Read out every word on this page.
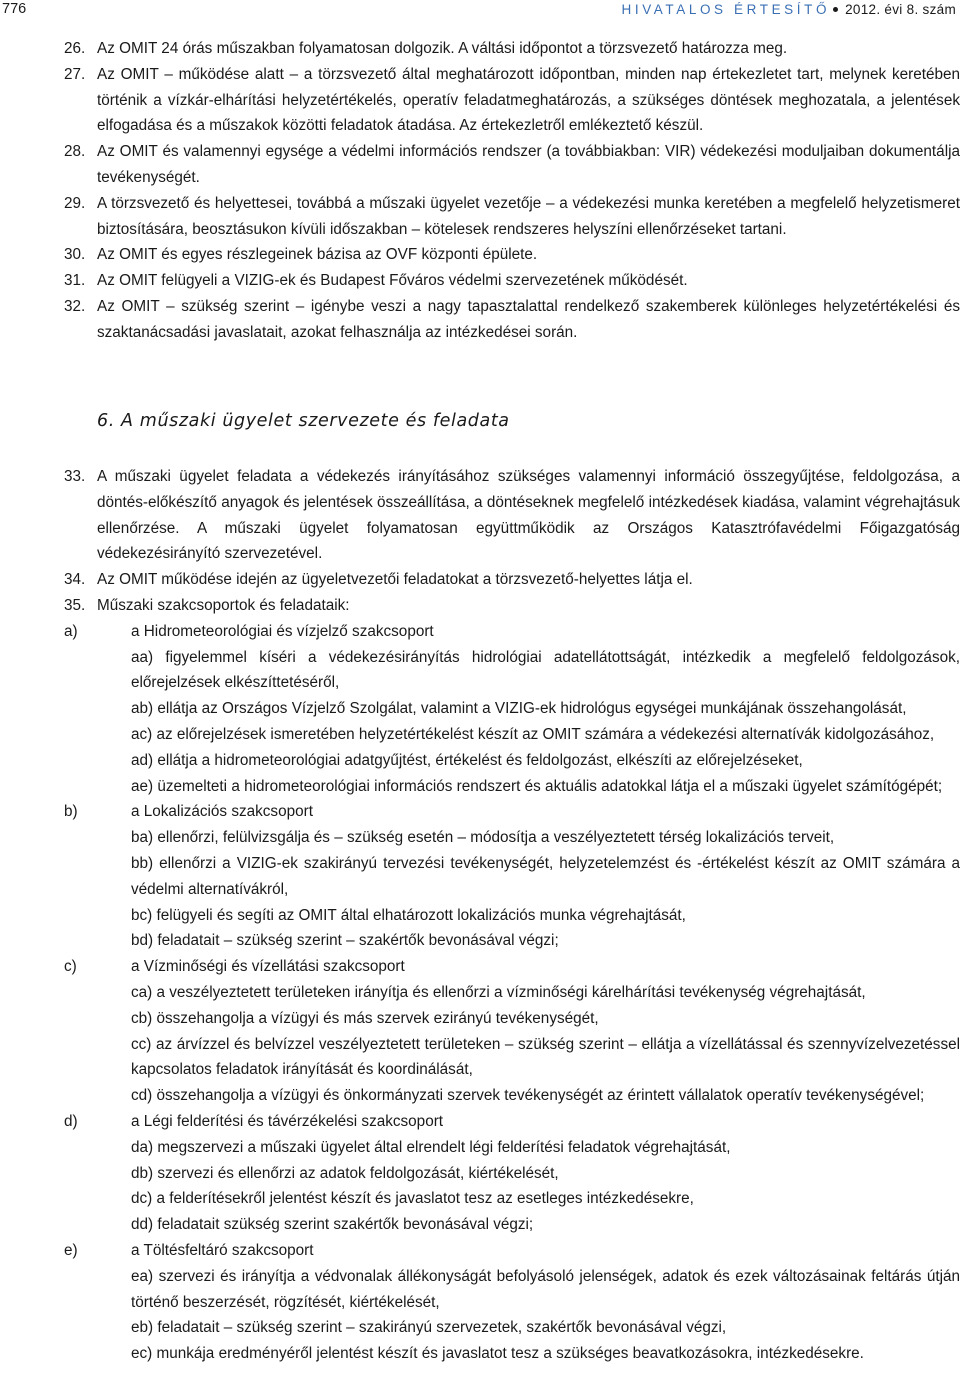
776	HIVATALOS ÉRTESÍTŐ 2012. évi 8. szám
26. Az OMIT 24 órás műszakban folyamatosan dolgozik. A váltási időpontot a törzsvezető határozza meg.
27. Az OMIT – működése alatt – a törzsvezető által meghatározott időpontban, minden nap értekezletet tart, melynek keretében történik a vízkár-elhárítási helyzetértékelés, operatív feladatmeghatározás, a szükséges döntések meghozatala, a jelentések elfogadása és a műszakok közötti feladatok átadása. Az értekezletről emlékeztető készül.
28. Az OMIT és valamennyi egysége a védelmi információs rendszer (a továbbiakban: VIR) védekezési moduljaiban dokumentálja tevékenységét.
29. A törzsvezető és helyettesei, továbbá a műszaki ügyelet vezetője – a védekezési munka keretében a megfelelő helyzetismeret biztosítására, beosztásukon kívüli időszakban – kötelesek rendszeres helyszíni ellenőrzéseket tartani.
30. Az OMIT és egyes részlegeinek bázisa az OVF központi épülete.
31. Az OMIT felügyeli a VIZIG-ek és Budapest Főváros védelmi szervezetének működését.
32. Az OMIT – szükség szerint – igénybe veszi a nagy tapasztalattal rendelkező szakemberek különleges helyzetértékelési és szaktanácsadási javaslatait, azokat felhasználja az intézkedései során.
6. A műszaki ügyelet szervezete és feladata
33. A műszaki ügyelet feladata a védekezés irányításához szükséges valamennyi információ összegyűjtése, feldolgozása, a döntés-előkészítő anyagok és jelentések összeállítása, a döntéseknek megfelelő intézkedések kiadása, valamint végrehajtásuk ellenőrzése. A műszaki ügyelet folyamatosan együttműködik az Országos Katasztrófavédelmi Főigazgatóság védekezésirányító szervezetével.
34. Az OMIT működése idején az ügyeletvezetői feladatokat a törzsvezető-helyettes látja el.
35. Műszaki szakcsoportok és feladataik:
a)	a Hidrometeorológiai és vízjelző szakcsoport
aa) figyelemmel kíséri a védekezésirányítás hidrológiai adatellátottságát, intézkedik a megfelelő feldolgozások, előrejelzések elkészíttetéséről,
ab) ellátja az Országos Vízjelző Szolgálat, valamint a VIZIG-ek hidrológus egységei munkájának összehangolását,
ac) az előrejelzések ismeretében helyzetértékelést készít az OMIT számára a védekezési alternatívák kidolgozásához,
ad) ellátja a hidrometeorológiai adatgyűjtést, értékelést és feldolgozást, elkészíti az előrejelzéseket,
ae) üzemelteti a hidrometeorológiai információs rendszert és aktuális adatokkal látja el a műszaki ügyelet számítógépét;
b)	a Lokalizációs szakcsoport
ba) ellenőrzi, felülvizsgálja és – szükség esetén – módosítja a veszélyeztetett térség lokalizációs terveit,
bb) ellenőrzi a VIZIG-ek szakirányú tervezési tevékenységét, helyzetelemzést és -értékelést készít az OMIT számára a védelmi alternatívákról,
bc) felügyeli és segíti az OMIT által elhatározott lokalizációs munka végrehajtását,
bd) feladatait – szükség szerint – szakértők bevonásával végzi;
c)	a Vízminőségi és vízellátási szakcsoport
ca) a veszélyeztetett területeken irányítja és ellenőrzi a vízminőségi kárelhárítási tevékenység végrehajtását,
cb) összehangolja a vízügyi és más szervek ezirányú tevékenységét,
cc) az árvízzel és belvízzel veszélyeztetett területeken – szükség szerint – ellátja a vízellátással és szennyvízelvezetéssel kapcsolatos feladatok irányítását és koordinálását,
cd) összehangolja a vízügyi és önkormányzati szervek tevékenységét az érintett vállalatok operatív tevékenységével;
d)	a Légi felderítési és távérzékelési szakcsoport
da) megszervezi a műszaki ügyelet által elrendelt légi felderítési feladatok végrehajtását,
db) szervezi és ellenőrzi az adatok feldolgozását, kiértékelését,
dc) a felderítésekről jelentést készít és javaslatot tesz az esetleges intézkedésekre,
dd) feladatait szükség szerint szakértők bevonásával végzi;
e)	a Töltésfeltáró szakcsoport
ea) szervezi és irányítja a védvonalak állékonyságát befolyásoló jelenségek, adatok és ezek változásainak feltárás útján történő beszerzését, rögzítését, kiértékelését,
eb) feladatait – szükség szerint – szakirányú szervezetek, szakértők bevonásával végzi,
ec) munkája eredményéről jelentést készít és javaslatot tesz a szükséges beavatkozásokra, intézkedésekre.
